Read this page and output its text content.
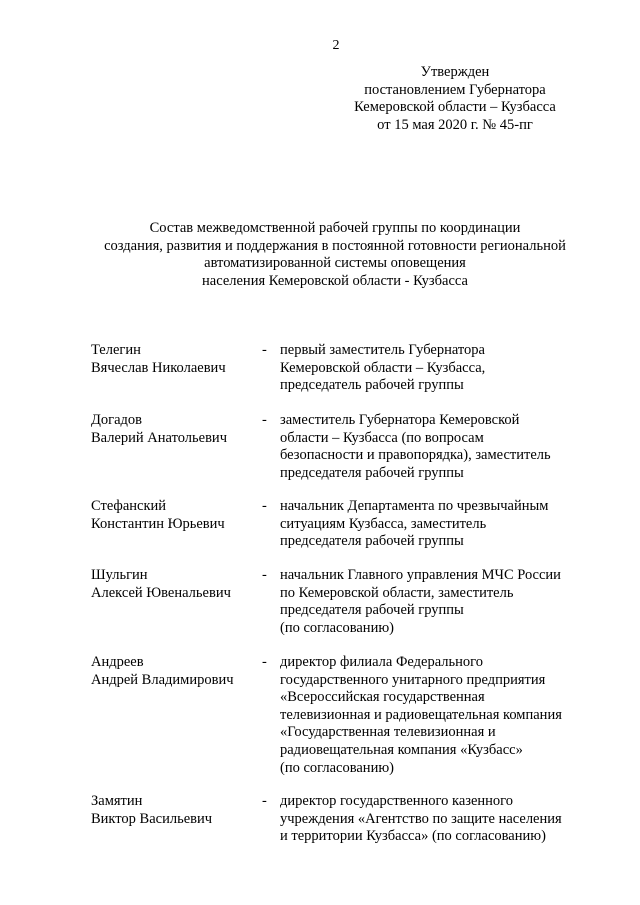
2
Утвержден
постановлением Губернатора
Кемеровской области – Кузбасса
от 15 мая 2020 г. № 45-пг
Состав межведомственной рабочей группы по координации
создания, развития и поддержания в постоянной готовности региональной
автоматизированной системы оповещения
населения Кемеровской области - Кузбасса
Телегин
Вячеслав Николаевич
- первый заместитель Губернатора
Кемеровской области – Кузбасса,
председатель рабочей группы
Догадов
Валерий Анатольевич
- заместитель Губернатора Кемеровской
области – Кузбасса (по вопросам
безопасности и правопорядка), заместитель
председателя рабочей группы
Стефанский
Константин Юрьевич
- начальник Департамента по чрезвычайным
ситуациям Кузбасса, заместитель
председателя рабочей группы
Шульгин
Алексей Ювенальевич
- начальник Главного управления МЧС России
по Кемеровской области, заместитель
председателя рабочей группы
(по согласованию)
Андреев
Андрей Владимирович
- директор филиала Федерального
государственного унитарного предприятия
«Всероссийская государственная
телевизионная и радиовещательная компания
«Государственная телевизионная и
радиовещательная компания «Кузбасс»
(по согласованию)
Замятин
Виктор Васильевич
- директор государственного казенного
учреждения «Агентство по защите населения
и территории Кузбасса» (по согласованию)
